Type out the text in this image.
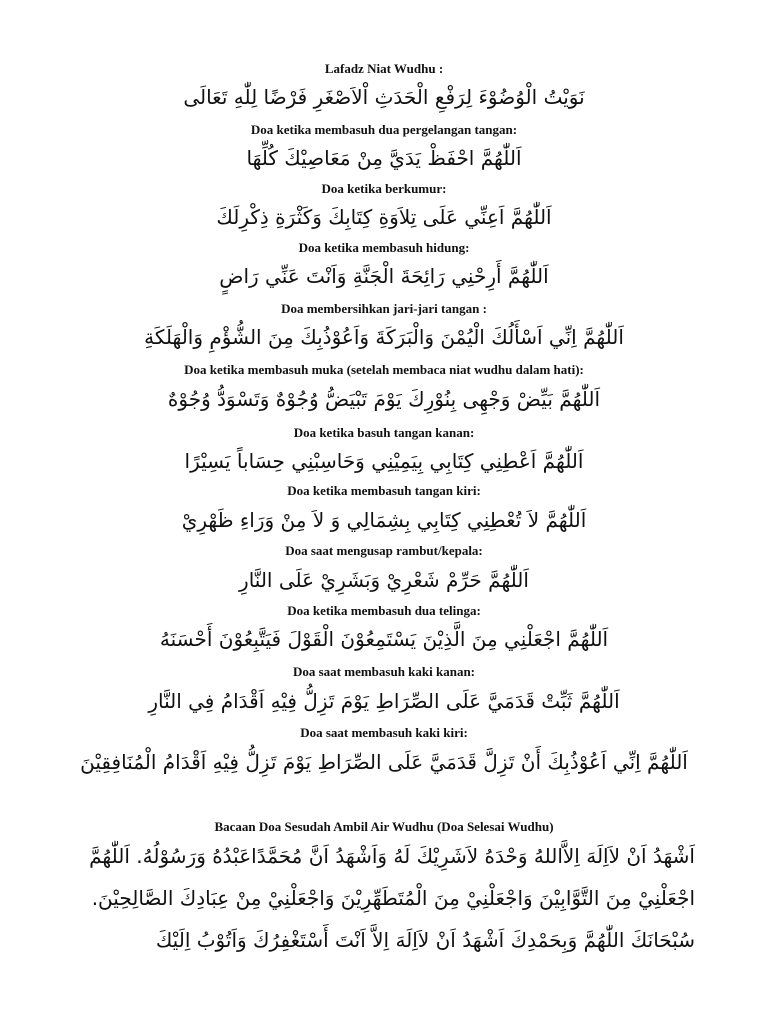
Lafadz Niat Wudhu :
نَوَيْتُ الْوُضُوْءَ لِرَفْعِ الْحَدَثِ اْلاَصْغَرِ فَرْضًا لِلّٰهِ تَعَالَى
Doa ketika membasuh dua pergelangan tangan:
اَللّٰهُمَّ احْفَظْ يَدَيَّ مِنْ مَعَاصِيْكَ كُلِّهَا
Doa ketika berkumur:
اَللّٰهُمَّ اَعِنِّي عَلَى تِلاَوَةِ كِتَابِكَ وَكَثْرَةِ ذِكْرِلَكَ
Doa ketika membasuh hidung:
اَللّٰهُمَّ أَرِحْنِي رَائِحَةَ الْجَنَّةِ وَاَنْتَ عَنِّي رَاضٍ
Doa membersihkan jari-jari tangan :
اَللّٰهُمَّ اِنِّي اَسْأَلُكَ الْيُمْنَ وَالْبَرَكَةَ وَاَعُوْذُبِكَ مِنَ الشُّؤْمِ وَالْهَلَكَةِ
Doa ketika membasuh muka (setelah membaca niat wudhu dalam hati):
اَللّٰهُمَّ بَيِّضْ وَجْهِى بِنُوْرِكَ يَوْمَ تَبْيَضُّ وُجُوْهٌ وَتَسْوَدُّ وُجُوْهٌ
Doa ketika basuh tangan kanan:
اَللّٰهُمَّ اَعْطِنِي كِتَابِي بِيَمِيْنِي وَحَاسِبْنِي حِسَاباً يَسِيْرًا
Doa ketika membasuh tangan kiri:
اَللّٰهُمَّ لاَ تُعْطِنِي كِتَابِي بِشِمَالِي وَ لاَ مِنْ وَرَاءِ ظَهْرِيْ
Doa saat mengusap rambut/kepala:
اَللّٰهُمَّ حَرِّمْ شَعْرِيْ وَبَشَرِيْ عَلَى النَّارِ
Doa ketika membasuh dua telinga:
اَللّٰهُمَّ اجْعَلْنِي مِنَ الَّذِيْنَ يَسْتَمِعُوْنَ الْقَوْلَ فَيَتَّبِعُوْنَ أَحْسَنَهُ
Doa saat membasuh kaki kanan:
اَللّٰهُمَّ ثَبِّتْ قَدَمَيَّ عَلَى الصِّرَاطِ يَوْمَ تَزِلُّ فِيْهِ اَقْدَامُ فِي النَّارِ
Doa saat membasuh kaki kiri:
اَللّٰهُمَّ اِنِّي اَعُوْذُبِكَ أَنْ تَزِلَّ قَدَمَيَّ عَلَى الصِّرَاطِ يَوْمَ تَزِلُّ فِيْهِ اَقْدَامُ الْمُنَافِقِيْنَ
Bacaan Doa Sesudah Ambil Air Wudhu (Doa Selesai Wudhu)
اَشْهَدُ اَنْ لاَاِلَهَ اِلاَّاللهُ وَحْدَهُ لاَشَرِيْكَ لَهُ وَاَشْهَدُ اَنَّ مُحَمَّدًاعَبْدُهُ وَرَسُوْلُهُ. اَللّٰهُمَّ
اجْعَلْنِيْ مِنَ التَّوَّابِيْنَ وَاجْعَلْنِيْ مِنَ الْمُتَطَهِّرِيْنَ وَاجْعَلْنِيْ مِنْ عِبَادِكَ الصَّالِحِيْنَ.
سُبْحَانَكَ اللّٰهُمَّ وَبِحَمْدِكَ اَشْهَدُ اَنْ لاَاِلَهَ اِلاَّ اَنْتَ أَسْتَغْفِرُكَ وَاَتُوْبُ اِلَيْكَ
